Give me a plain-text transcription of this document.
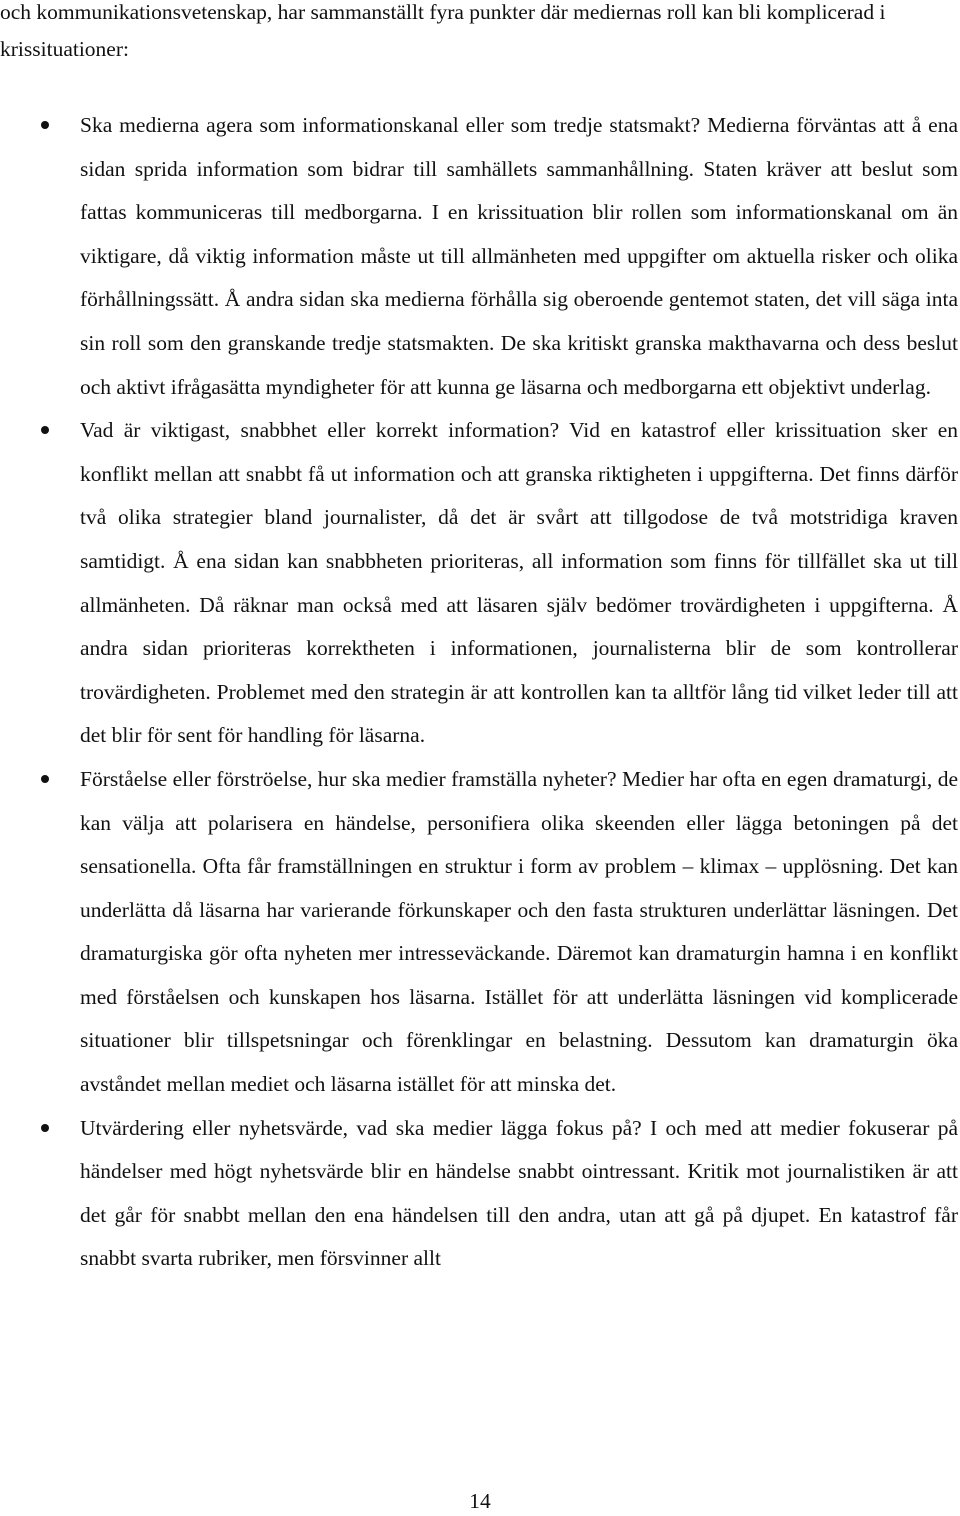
och kommunikationsvetenskap, har sammanställt fyra punkter där mediernas roll kan bli komplicerad i krissituationer:

Ska medierna agera som informationskanal eller som tredje statsmakt? Medierna förväntas att å ena sidan sprida information som bidrar till samhällets sammanhållning. Staten kräver att beslut som fattas kommuniceras till medborgarna. I en krissituation blir rollen som informationskanal om än viktigare, då viktig information måste ut till allmänheten med uppgifter om aktuella risker och olika förhållningssätt. Å andra sidan ska medierna förhålla sig oberoende gentemot staten, det vill säga inta sin roll som den granskande tredje statsmakten. De ska kritiskt granska makthavarna och dess beslut och aktivt ifrågasätta myndigheter för att kunna ge läsarna och medborgarna ett objektivt underlag.
Vad är viktigast, snabbhet eller korrekt information? Vid en katastrof eller krissituation sker en konflikt mellan att snabbt få ut information och att granska riktigheten i uppgifterna. Det finns därför två olika strategier bland journalister, då det är svårt att tillgodose de två motstridiga kraven samtidigt. Å ena sidan kan snabbheten prioriteras, all information som finns för tillfället ska ut till allmänheten. Då räknar man också med att läsaren själv bedömer trovärdigheten i uppgifterna. Å andra sidan prioriteras korrektheten i informationen, journalisterna blir de som kontrollerar trovärdigheten. Problemet med den strategin är att kontrollen kan ta alltför lång tid vilket leder till att det blir för sent för handling för läsarna.
Förståelse eller förströelse, hur ska medier framställa nyheter? Medier har ofta en egen dramaturgi, de kan välja att polarisera en händelse, personifiera olika skeenden eller lägga betoningen på det sensationella. Ofta får framställningen en struktur i form av problem – klimax – upplösning. Det kan underlätta då läsarna har varierande förkunskaper och den fasta strukturen underlättar läsningen. Det dramaturgiska gör ofta nyheten mer intresseväckande. Däremot kan dramaturgin hamna i en konflikt med förståelsen och kunskapen hos läsarna. Istället för att underlätta läsningen vid komplicerade situationer blir tillspetsningar och förenklingar en belastning. Dessutom kan dramaturgin öka avståndet mellan mediet och läsarna istället för att minska det.
Utvärdering eller nyhetsvärde, vad ska medier lägga fokus på? I och med att medier fokuserar på händelser med högt nyhetsvärde blir en händelse snabbt ointressant. Kritik mot journalistiken är att det går för snabbt mellan den ena händelsen till den andra, utan att gå på djupet. En katastrof får snabbt svarta rubriker, men försvinner allt
14
